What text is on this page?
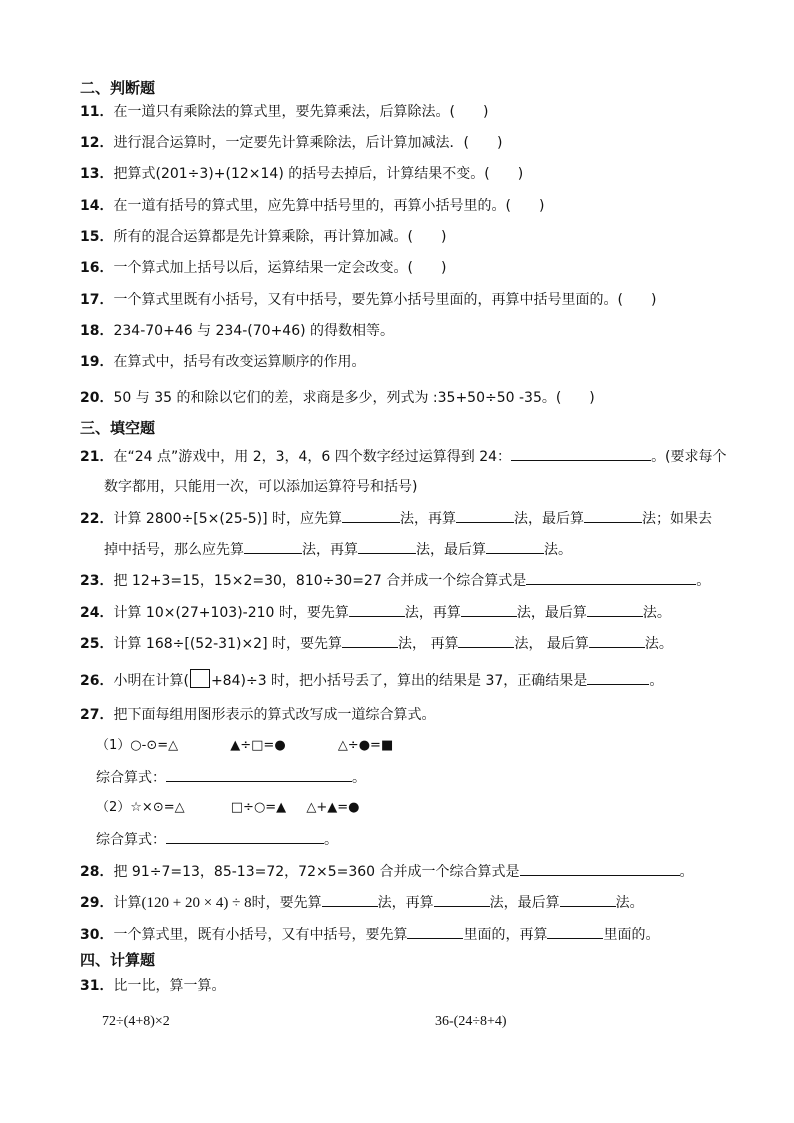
二、判断题
11．在一道只有乘除法的算式里，要先算乘法，后算除法。(　　)
12．进行混合运算时，一定要先计算乘除法，后计算加减法．(　　)
13．把算式(201÷3)+(12×14) 的括号去掉后，计算结果不变。(　　)
14．在一道有括号的算式里，应先算中括号里的，再算小括号里的。(　　)
15．所有的混合运算都是先计算乘除，再计算加减。(　　)
16．一个算式加上括号以后，运算结果一定会改变。(　　)
17．一个算式里既有小括号，又有中括号，要先算小括号里面的，再算中括号里面的。(　　)
18．234-70+46 与 234-(70+46) 的得数相等。
19．在算式中，括号有改变运算顺序的作用。
20．50 与 35 的和除以它们的差，求商是多少，列式为 :35+50÷50 -35。(　　)
三、填空题
21．在“24 点”游戏中，用 2，3，4，6 四个数字经过运算得到 24：	。(要求每个
数字都用，只能用一次，可以添加运算符号和括号)
22．计算 2800÷[5×(25-5)] 时，应先算	法，再算	法，最后算	法；如果去
掉中括号，那么应先算	法，再算	法，最后算	法。
23．把 12+3=15，15×2=30，810÷30=27 合并成一个综合算式是	。
24．计算 10×(27+103)-210 时，要先算	法，再算	法，最后算	法。
25．计算 168÷[(52-31)×2] 时，要先算	法， 再算	法， 最后算	法。
26．小明在计算( +84)÷3 时，把小括号丢了，算出的结果是 37，正确结果是	。
27．把下面每组用图形表示的算式改写成一道综合算式。
（1）○-⊙=△	▲÷□=●	△÷●=■
综合算式：	。
（2）☆×⊙=△	□÷○=▲ △+▲=●
综合算式：	。
28．把 91÷7=13，85-13=72，72×5=360 合并成一个综合算式是	。
29．计算(120 + 20 × 4) ÷ 8时，要先算	法，再算	法，最后算	法。
30．一个算式里，既有小括号，又有中括号，要先算	里面的，再算	里面的。
四、计算题
31．比一比，算一算。
72÷(4+8)×2	36-(24÷8+4)
